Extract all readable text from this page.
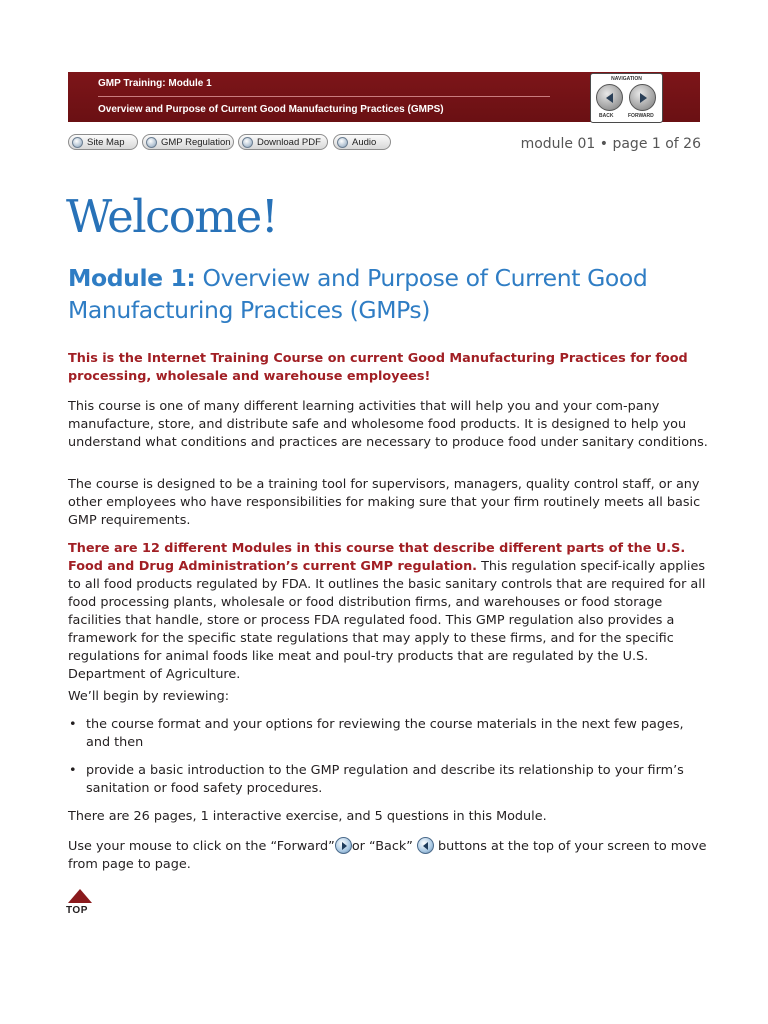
GMP Training: Module 1
Overview and Purpose of Current Good Manufacturing Practices (GMPS)
NAVIGATION
BACK	FORWARD
Site Map	GMP Regulation	Download PDF	Audio	module 01 • page 1 of 26
Welcome!
Module 1: Overview and Purpose of Current Good Manufacturing Practices (GMPs)
This is the Internet Training Course on current Good Manufacturing Practices for food processing, wholesale and warehouse employees!
This course is one of many different learning activities that will help you and your com-pany manufacture, store, and distribute safe and wholesome food products. It is designed to help you understand what conditions and practices are necessary to produce food under sanitary conditions.
The course is designed to be a training tool for supervisors, managers, quality control staff, or any other employees who have responsibilities for making sure that your firm routinely meets all basic GMP requirements.
There are 12 different Modules in this course that describe different parts of the U.S. Food and Drug Administration’s current GMP regulation. This regulation specif-ically applies to all food products regulated by FDA. It outlines the basic sanitary controls that are required for all food processing plants, wholesale or food distribution firms, and warehouses or food storage facilities that handle, store or process FDA regulated food. This GMP regulation also provides a framework for the specific state regulations that may apply to these firms, and for the specific regulations for animal foods like meat and poul-try products that are regulated by the U.S. Department of Agriculture.
We’ll begin by reviewing:
• the course format and your options for reviewing the course materials in the next few pages, and then
• provide a basic introduction to the GMP regulation and describe its relationship to your firm’s sanitation or food safety procedures.
There are 26 pages, 1 interactive exercise, and 5 questions in this Module.
Use your mouse to click on the “Forward” or “Back”
buttons at the top of your screen to move from page to page.
TOP
